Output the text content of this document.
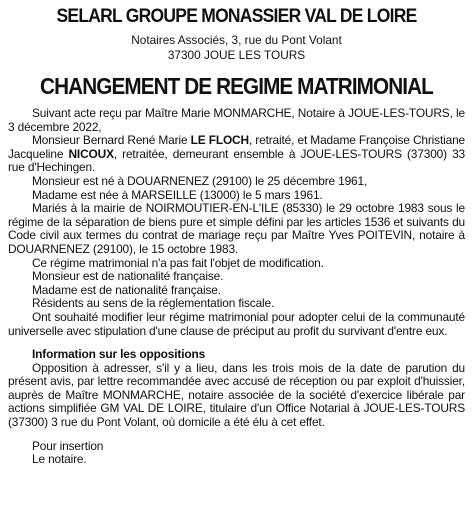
SELARL GROUPE MONASSIER VAL DE LOIRE
Notaires Associés, 3, rue du Pont Volant
37300 JOUE LES TOURS
CHANGEMENT DE REGIME MATRIMONIAL

Suivant acte reçu par Maître Marie MONMARCHE, Notaire à JOUE-LES-TOURS, le 3 décembre 2022,

Monsieur Bernard René Marie LE FLOCH, retraité, et Madame Françoise Christiane Jacqueline NICOUX, retraitée, demeurant ensemble à JOUE-LES-TOURS (37300) 33 rue d'Hechingen.

Monsieur est né à DOUARNENEZ (29100) le 25 décembre 1961,

Madame est née à MARSEILLE (13000) le 5 mars 1961.

Mariés à la mairie de NOIRMOUTIER-EN-L'ILE (85330) le 29 octobre 1983 sous le régime de la séparation de biens pure et simple défini par les articles 1536 et suivants du Code civil aux termes du contrat de mariage reçu par Maître Yves POITEVIN, notaire à DOUARNENEZ (29100), le 15 octobre 1983.

Ce régime matrimonial n'a pas fait l'objet de modification.

Monsieur est de nationalité française.

Madame est de nationalité française.

Résidents au sens de la réglementation fiscale.

Ont souhaité modifier leur régime matrimonial pour adopter celui de la communauté universelle avec stipulation d'une clause de préciput au profit du survivant d'entre eux.

Information sur les oppositions

Opposition à adresser, s'il y a lieu, dans les trois mois de la date de parution du présent avis, par lettre recommandée avec accusé de réception ou par exploit d'huissier, auprès de Maître MONMARCHE, notaire associée de la société d'exercice libérale par actions simplifiée GM VAL DE LOIRE, titulaire d'un Office Notarial à JOUE-LES-TOURS (37300) 3 rue du Pont Volant, où domicile a été élu à cet effet.

Pour insertion

Le notaire.
